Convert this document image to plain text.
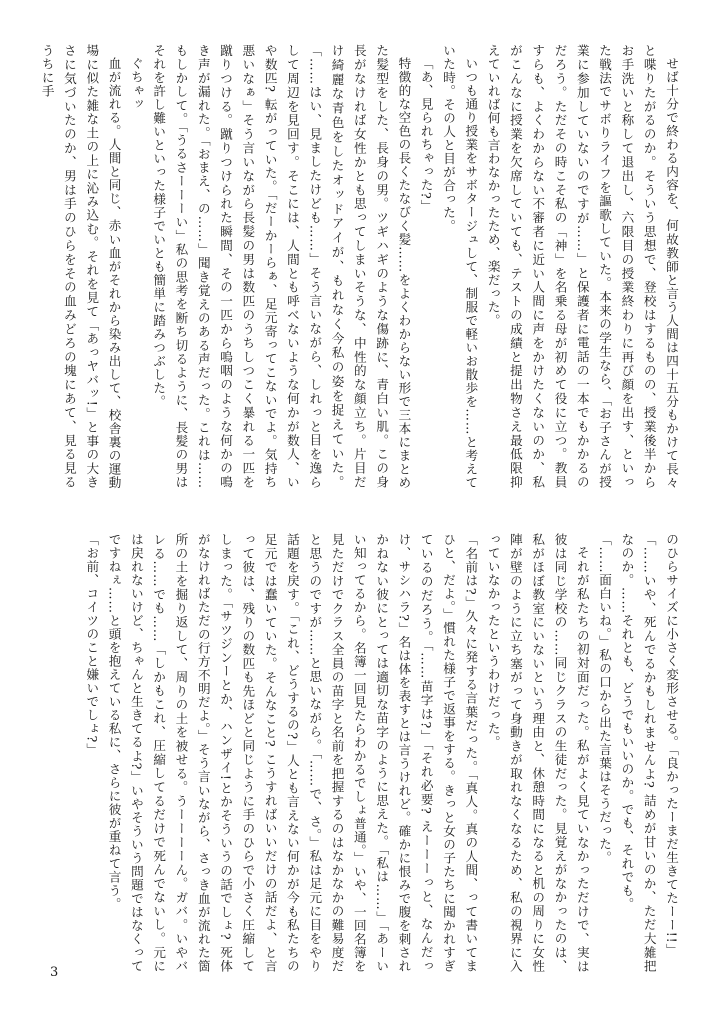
せば十分で終わる内容を、何故教師と言う人間は四十五分もかけて長々と喋りたがるのか。そういう思想で、登校はするものの、授業後半からお手洗いと称して退出し、六限目の授業終わりに再び顔を出す、といった戦法でサボりライフを謳歌していた。本来の学生なら、「お子さんが授業に参加していないのですが……」と保護者に電話の一本でもかかるのだろう。ただその時こそ私の「神」を名乗る母が初めて役に立つ。教員すらも、よくわからない不審者に近い人間に声をかけたくないのか、私がこんなに授業を欠席していても、テストの成績と提出物さえ最低限抑えていれば何も言わなかったため、楽だった。

いつも通り授業をサボタージュして、制服で軽いお散歩を……と考えていた時。その人と目が合った。

「あ、見られちゃった?」

特徴的な空色の長くたなびく髪……をよくわからない形で三本にまとめた髪型をした、長身の男。ツギハギのような傷跡に、青白い肌。この身長がなければ女性かとも思ってしまいそうな、中性的な顔立ち。片目だけ綺麗な青色をしたオッドアイが、もれなく今私の姿を捉えていた。「……はい、見ましたけども……」そう言いながら、しれっと目を逸らして周辺を見回す。そこには、人間とも呼べないような何かが数人、いや数匹? 転がっていた。「だーかーらぁ、足元寄ってこないでよ。気持ち悪いなぁ」そう言いながら長髪の男は数匹のうちしつこく暴れる一匹を蹴りつける。蹴りつけられた瞬間、その一匹から嗚咽のような何かの鳴き声が漏れた。「おまえ、の……」聞き覚えのある声だった。これは……もしかして。「うるさーーーい」私の思考を断ち切るように、長髪の男はそれを許し難いといった様子でいとも簡単に踏みつぶした。

ぐちゃッ

血が流れる。人間と同じ、赤い血がそれから染み出して、校舎裏の運動場に似た雑な土の上に沁み込む。それを見て「あっヤバッ!」と事の大きさに気づいたのか、男は手のひらをその血みどろの塊にあて、見る見るうちに手

のひらサイズに小さく変形させる。「良かったーまだ生きてたーー!!」

「……いや、死んでるかもしれませんよ? 詰めが甘いのか、ただ大雑把なのか。……それとも、どうでもいいのか。でも、それでも。

「……面白いね。」私の口から出た言葉はそうだった。

それが私たちの初対面だった。私がよく見ていなかっただけで、実は彼は同じ学校の……同じクラスの生徒だった。見覚えがなかったのは、私がほぼ教室にいないという理由と、休憩時間になると机の周りに女性陣が壁のように立ち塞がって身動きが取れなくなるため、私の視界に入っていなかったというわけだった。

「名前は?」久々に発する言葉だった。「真人。真の人間、って書いてまひと、だよ。」慣れた様子で返事をする。きっと女の子たちに聞かれすぎているのだろう。「……苗字は?」「それ必要? えーーーっと、なんだっけ、サシハラ?」名は体を表すとは言うけれど。確かに恨みで腹を刺されかねない彼にとっては適切な苗字のように思えた。「私は……」「あーいい知ってるから。名簿一回見たらわかるでしょ普通。」いや、一回名簿を見ただけでクラス全員の苗字と名前を把握するのはなかなかの難易度だと思うのですが……と思いながら。「……で、さ。」私は足元に目をやり話題を戻す。「これ、どうするの?」人とも言えない何かが今も私たちの足元では蠢いていた。そんなこと? こうすればいいだけの話だよ、と言って彼は、残りの数匹も先ほどと同じように手のひらで小さく圧縮してしまった。「サツジンーとか、ハンザイ!とかそういうの話でしょ? 死体がなければただの行方不明だよ。」そう言いながら、さっき血が流れた箇所の土を掘り返して、周りの土を被せる。うーーーーん。ガバ。いやバレる……でも……「しかもこれ、圧縮してるだけで死んでないし。元には戻れないけど、ちゃんと生きてるよ?」いやそういう問題ではなくってですねぇ……と頭を抱えている私に、さらに彼が重ねて言う。

「お前、コイツのこと嫌いでしょ?」

3
